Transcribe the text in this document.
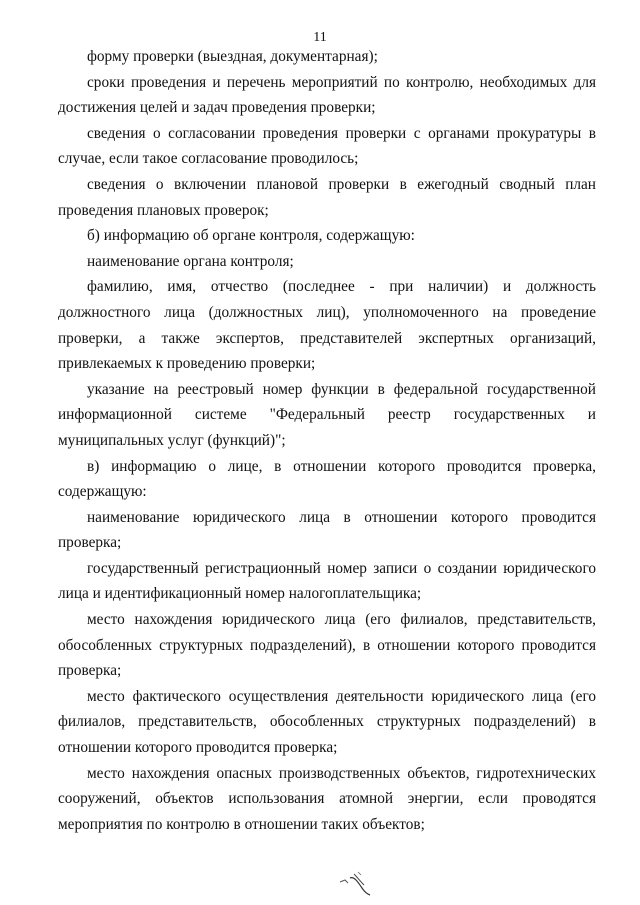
11

форму проверки (выездная, документарная);

сроки проведения и перечень мероприятий по контролю, необходимых для достижения целей и задач проведения проверки;

сведения о согласовании проведения проверки с органами прокуратуры в случае, если такое согласование проводилось;

сведения о включении плановой проверки в ежегодный сводный план проведения плановых проверок;

б) информацию об органе контроля, содержащую:

наименование органа контроля;

фамилию, имя, отчество (последнее - при наличии) и должность должностного лица (должностных лиц), уполномоченного на проведение проверки, а также экспертов, представителей экспертных организаций, привлекаемых к проведению проверки;

указание на реестровый номер функции в федеральной государственной информационной системе "Федеральный реестр государственных и муниципальных услуг (функций)";

в) информацию о лице, в отношении которого проводится проверка, содержащую:

наименование юридического лица в отношении которого проводится проверка;

государственный регистрационный номер записи о создании юридического лица и идентификационный номер налогоплательщика;

место нахождения юридического лица (его филиалов, представительств, обособленных структурных подразделений), в отношении которого проводится проверка;

место фактического осуществления деятельности юридического лица (его филиалов, представительств, обособленных структурных подразделений) в отношении которого проводится проверка;

место нахождения опасных производственных объектов, гидротехнических сооружений, объектов использования атомной энергии, если проводятся мероприятия по контролю в отношении таких объектов;
